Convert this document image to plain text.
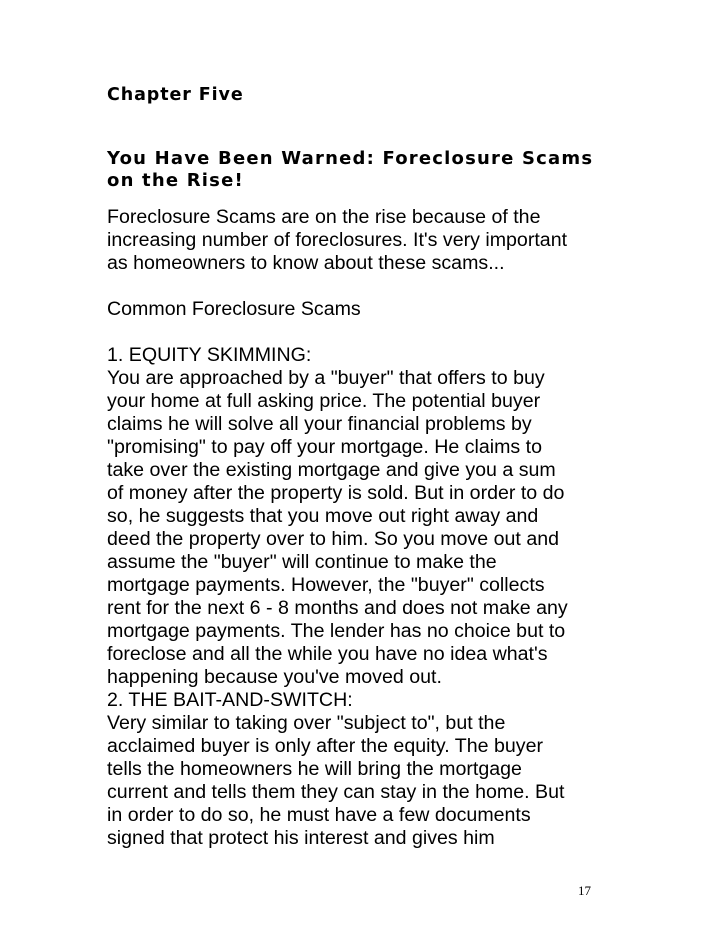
Chapter Five
You Have Been Warned: Foreclosure Scams
on the Rise!
Foreclosure Scams are on the rise because of the
increasing number of foreclosures. It's very important
as homeowners to know about these scams...
Common Foreclosure Scams
1. EQUITY SKIMMING:
You are approached by a "buyer" that offers to buy
your home at full asking price. The potential buyer
claims he will solve all your financial problems by
"promising" to pay off your mortgage. He claims to
take over the existing mortgage and give you a sum
of money after the property is sold. But in order to do
so, he suggests that you move out right away and
deed the property over to him. So you move out and
assume the "buyer" will continue to make the
mortgage payments. However, the "buyer" collects
rent for the next 6 - 8 months and does not make any
mortgage payments. The lender has no choice but to
foreclose and all the while you have no idea what's
happening because you've moved out.
2. THE BAIT-AND-SWITCH:
Very similar to taking over "subject to", but the
acclaimed buyer is only after the equity. The buyer
tells the homeowners he will bring the mortgage
current and tells them they can stay in the home. But
in order to do so, he must have a few documents
signed that protect his interest and gives him
17
